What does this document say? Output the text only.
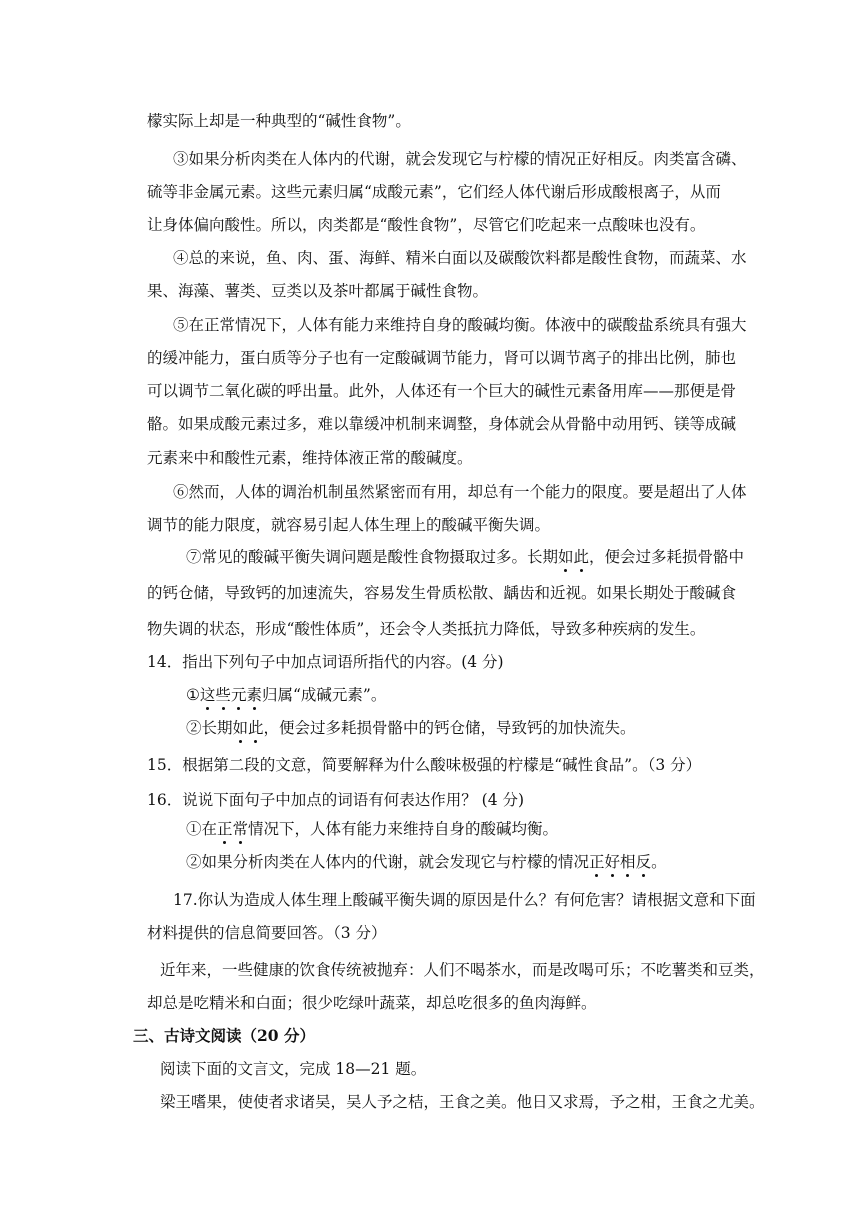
檬实际上却是一种典型的“碱性食物”。
③如果分析肉类在人体内的代谢，就会发现它与柠檬的情况正好相反。肉类富含磷、
硫等非金属元素。这些元素归属“成酸元素”，它们经人体代谢后形成酸根离子，从而
让身体偏向酸性。所以，肉类都是“酸性食物”，尽管它们吃起来一点酸味也没有。
④总的来说，鱼、肉、蛋、海鲜、精米白面以及碳酸饮料都是酸性食物，而蔬菜、水
果、海藻、薯类、豆类以及茶叶都属于碱性食物。
⑤在正常情况下，人体有能力来维持自身的酸碱均衡。体液中的碳酸盐系统具有强大
的缓冲能力，蛋白质等分子也有一定酸碱调节能力，肾可以调节离子的排出比例，肺也
可以调节二氧化碳的呼出量。此外，人体还有一个巨大的碱性元素备用库——那便是骨
骼。如果成酸元素过多，难以靠缓冲机制来调整，身体就会从骨骼中动用钙、镁等成碱
元素来中和酸性元素，维持体液正常的酸碱度。
⑥然而，人体的调治机制虽然紧密而有用，却总有一个能力的限度。要是超出了人体
调节的能力限度，就容易引起人体生理上的酸碱平衡失调。
⑦常见的酸碱平衡失调问题是酸性食物摄取过多。长期如此，便会过多耗损骨骼中
的钙仓储，导致钙的加速流失，容易发生骨质松散、龋齿和近视。如果长期处于酸碱食
物失调的状态，形成“酸性体质”，还会令人类抵抗力降低，导致多种疾病的发生。
14．指出下列句子中加点词语所指代的内容。(4 分)
①这些元素归属“成碱元素”。
②长期如此，便会过多耗损骨骼中的钙仓储，导致钙的加快流失。
15．根据第二段的文意，简要解释为什么酸味极强的柠檬是“碱性食品”。（3 分）
16．说说下面句子中加点的词语有何表达作用？ (4 分)
①在正常情况下，人体有能力来维持自身的酸碱均衡。
②如果分析肉类在人体内的代谢，就会发现它与柠檬的情况正好相反。
17.你认为造成人体生理上酸碱平衡失调的原因是什么？有何危害？请根据文意和下面
材料提供的信息简要回答。（3 分）
近年来，一些健康的饮食传统被抛弃：人们不喝茶水，而是改喝可乐；不吃薯类和豆类，
却总是吃精米和白面；很少吃绿叶蔬菜，却总吃很多的鱼肉海鲜。
三、古诗文阅读（20 分）
阅读下面的文言文，完成 18—21 题。
梁王嗜果，使使者求诸吴，吴人予之桔，王食之美。他日又求焉，予之柑，王食之尤美。
